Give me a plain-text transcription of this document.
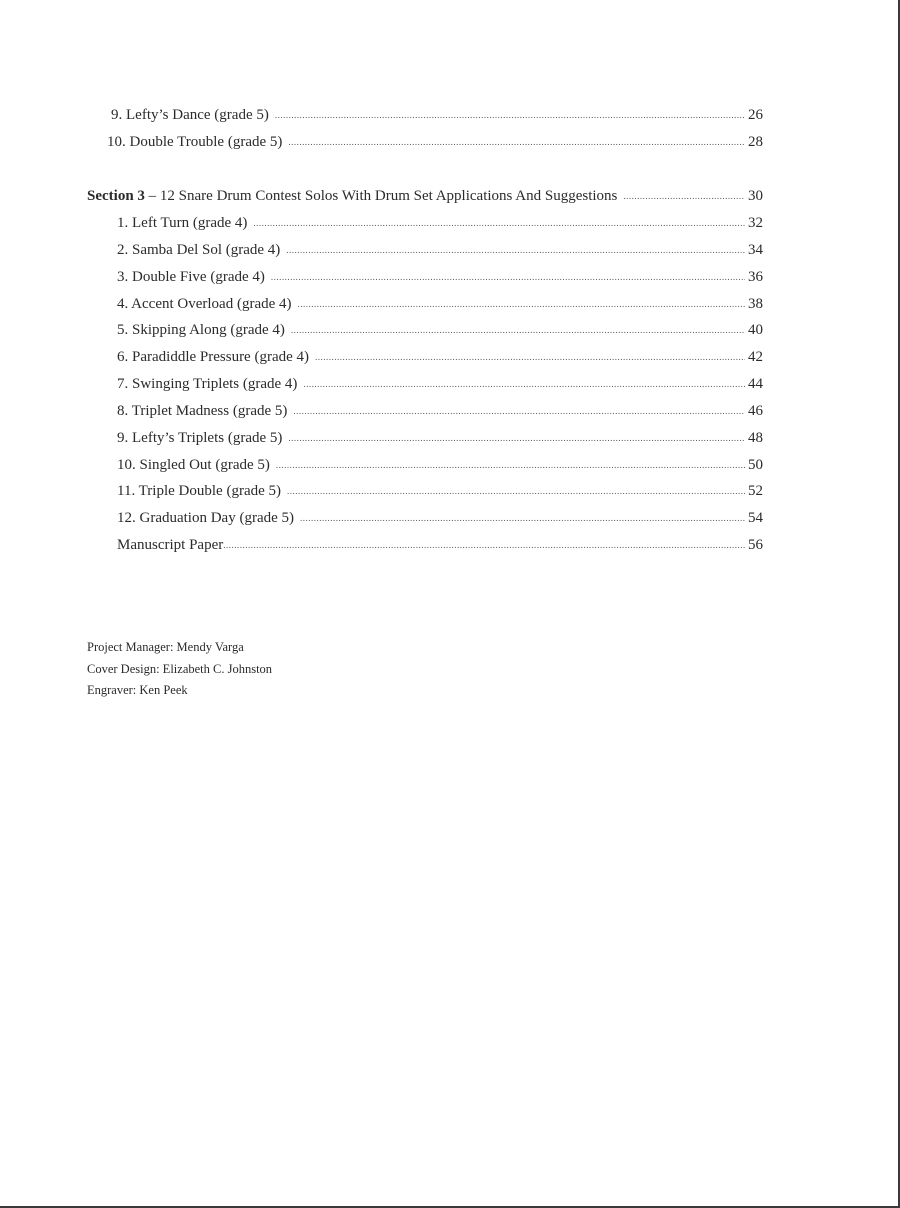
9. Lefty’s Dance (grade 5) .....	26
10. Double Trouble (grade 5) .....	28
Section 3 – 12 Snare Drum Contest Solos With Drum Set Applications And Suggestions .....	30
1. Left Turn (grade 4) .....	32
2. Samba Del Sol (grade 4) .....	34
3. Double Five (grade 4) .....	36
4. Accent Overload (grade 4) .....	38
5. Skipping Along (grade 4) .....	40
6. Paradiddle Pressure (grade 4) .....	42
7. Swinging Triplets (grade 4) .....	44
8. Triplet Madness (grade 5) .....	46
9. Lefty’s Triplets (grade 5) .....	48
10. Singled Out (grade 5) .....	50
11. Triple Double (grade 5) .....	52
12. Graduation Day (grade 5) .....	54
Manuscript Paper .....	56
Project Manager: Mendy Varga
Cover Design: Elizabeth C. Johnston
Engraver: Ken Peek
